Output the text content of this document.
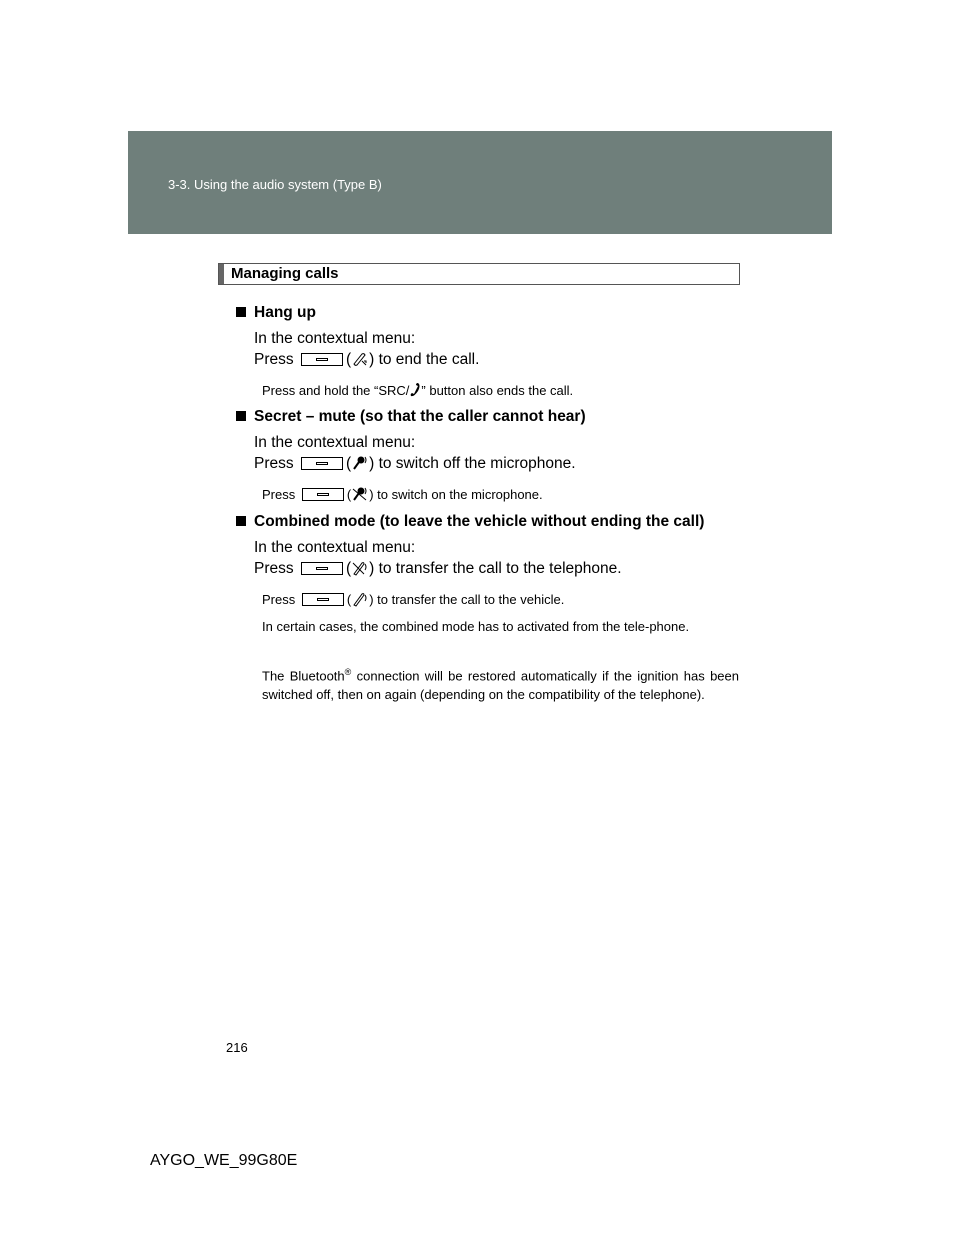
3-3. Using the audio system (Type B)
Managing calls
Hang up
In the contextual menu:
Press	( ) to end the call.
Press and hold the “SRC/ ” button also ends the call.
Secret – mute (so that the caller cannot hear)
In the contextual menu:
Press	( ) to switch off the microphone.
Press	( ) to switch on the microphone.
Combined mode (to leave the vehicle without ending the call)
In the contextual menu:
Press	( ) to transfer the call to the telephone.
Press	( ) to transfer the call to the vehicle.
In certain cases, the combined mode has to activated from the tele-phone.
The Bluetooth® connection will be restored automatically if the ignition has been switched off, then on again (depending on the compatibility of the telephone).
216
AYGO_WE_99G80E
